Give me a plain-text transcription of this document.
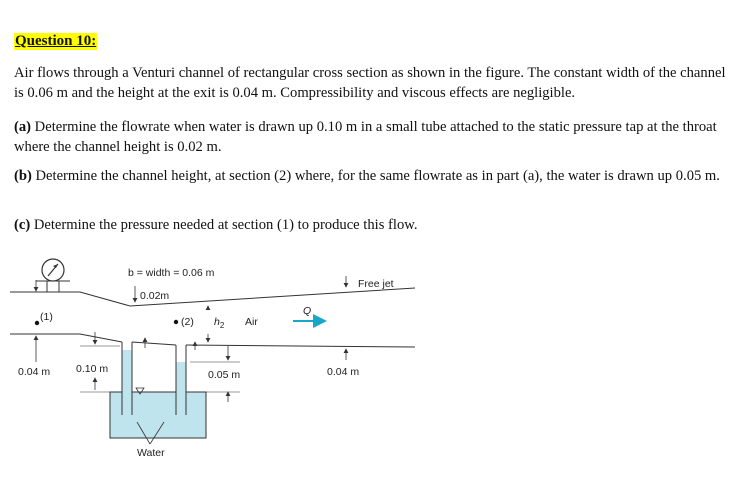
Question 10:

Air flows through a Venturi channel of rectangular cross section as shown in the figure. The constant width of the channel is 0.06 m and the height at the exit is 0.04 m. Compressibility and viscous effects are negligible.

(a) Determine the flowrate when water is drawn up 0.10 m in a small tube attached to the static pressure tap at the throat where the channel height is 0.02 m.

(b) Determine the channel height, at section (2) where, for the same flowrate as in part (a), the water is drawn up 0.05 m.

(c) Determine the pressure needed at section (1) to produce this flow.

b = width = 0.06 m
0.02m
Free jet
(1)	(2) $h_2$ Air
Q
0.04 m 0.10 m	0.05 m	0.04 m
Water
